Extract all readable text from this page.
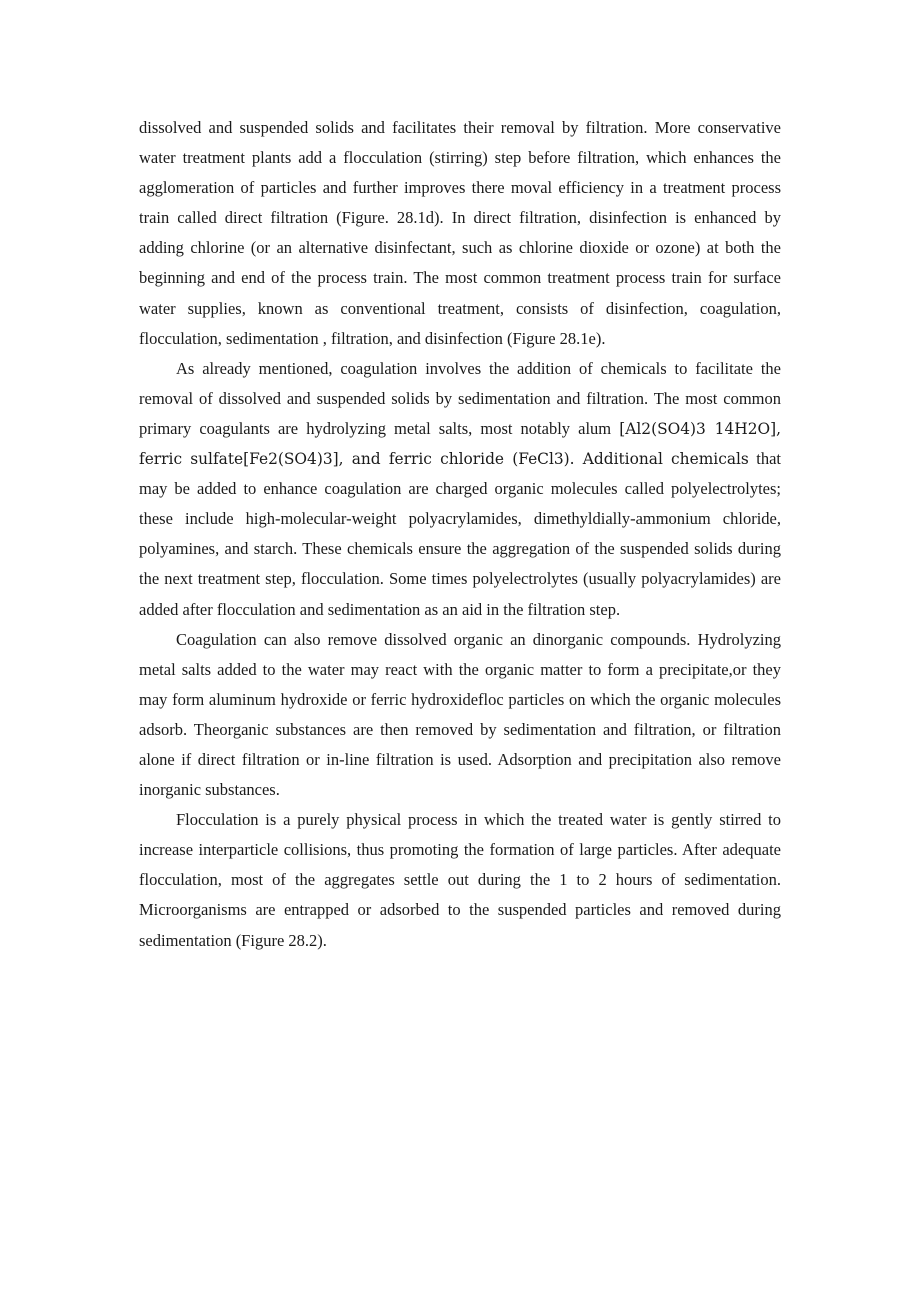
dissolved and suspended solids and facilitates their removal by filtration. More conservative water treatment plants add a flocculation (stirring) step before filtration, which enhances the agglomeration of particles and further improves there moval efficiency in a treatment process train called direct filtration (Figure. 28.1d). In direct filtration, disinfection is enhanced by adding chlorine (or an alternative disinfectant, such as chlorine dioxide or ozone) at both the beginning and end of the process train. The most common treatment process train for surface water supplies, known as conventional treatment, consists of disinfection, coagulation, flocculation, sedimentation , filtration, and disinfection (Figure 28.1e).

As already mentioned, coagulation involves the addition of chemicals to facilitate the removal of dissolved and suspended solids by sedimentation and filtration. The most common primary coagulants are hydrolyzing metal salts, most notably alum [Al2(SO4)3 14H2O], ferric sulfate[Fe2(SO4)3], and ferric chloride (FeCl3). Additional chemicals that may be added to enhance coagulation are charged organic molecules called polyelectrolytes; these include high-molecular-weight polyacrylamides, dimethyldially-ammonium chloride, polyamines, and starch. These chemicals ensure the aggregation of the suspended solids during the next treatment step, flocculation. Some times polyelectrolytes (usually polyacrylamides) are added after flocculation and sedimentation as an aid in the filtration step.

Coagulation can also remove dissolved organic an dinorganic compounds. Hydrolyzing metal salts added to the water may react with the organic matter to form a precipitate,or they may form aluminum hydroxide or ferric hydroxidefloc particles on which the organic molecules adsorb. Theorganic substances are then removed by sedimentation and filtration, or filtration alone if direct filtration or in-line filtration is used. Adsorption and precipitation also remove inorganic substances.

Flocculation is a purely physical process in which the treated water is gently stirred to increase interparticle collisions, thus promoting the formation of large particles. After adequate flocculation, most of the aggregates settle out during the 1 to 2 hours of sedimentation. Microorganisms are entrapped or adsorbed to the suspended particles and removed during sedimentation (Figure 28.2).
